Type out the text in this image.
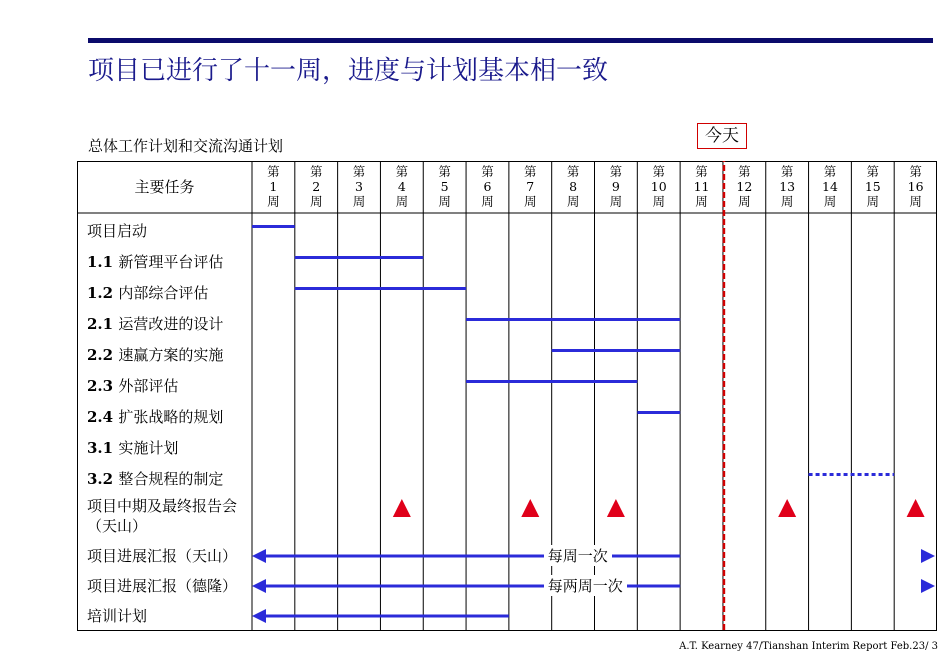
项目已进行了十一周，进度与计划基本相一致
总体工作计划和交流沟通计划
主要任务
第
1
周
第
2
周
第
3
周
第
4
周
第
5
周
第
6
周
第
7
周
第
8
周
第
9
周
第
10
周
第
11
周
第
12
周
第
13
周
第
14
周
第
15
周
第
16
周
项目启动
1.1 新管理平台评估
1.2 内部综合评估
2.1 运营改进的设计
2.2 速赢方案的实施
2.3 外部评估
2.4 扩张战略的规划
3.1 实施计划
3.2 整合规程的制定
项目中期及最终报告会（天山）
项目进展汇报（天山）
项目进展汇报（德隆）
培训计划
每周一次
每两周一次
今天
A.T. Kearney 47/Tianshan Interim Report Feb.23/ 3
